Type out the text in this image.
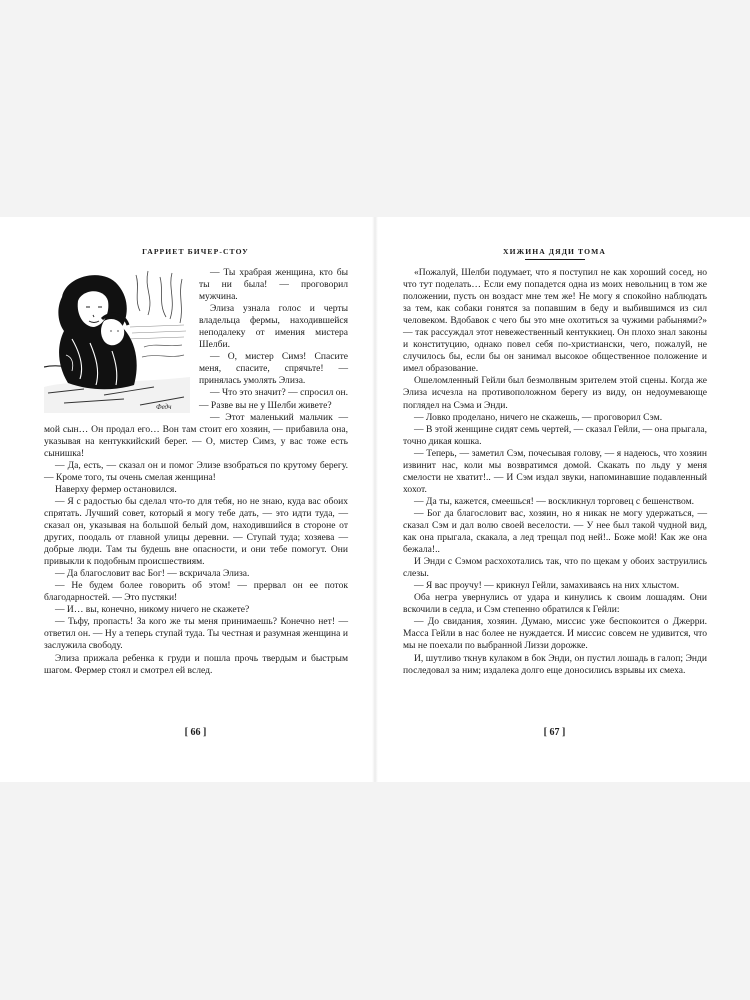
ГАРРИЕТ БИЧЕР-СТОУ
Федч

— Ты храбрая женщина, кто бы ты ни была! — проговорил мужчина.

Элиза узнала голос и черты владельца фермы, находившейся неподалеку от имения мистера Шелби.

— О, мистер Симз! Спасите меня, спасите, спрячьте! — принялась умолять Элиза.

— Что это значит? — спросил он. — Разве вы не у Шелби живете?

— Этот маленький мальчик — мой сын… Он продал его… Вон там стоит его хозяин, — прибавила она, указывая на кентуккийский берег. — О, мистер Симз, у вас тоже есть сынишка!

— Да, есть, — сказал он и помог Элизе взобраться по крутому берегу. — Кроме того, ты очень смелая женщина!

Наверху фермер остановился.

— Я с радостью бы сделал что-то для тебя, но не знаю, куда вас обоих спрятать. Лучший совет, который я могу тебе дать, — это идти туда, — сказал он, указывая на большой белый дом, находившийся в стороне от других, поодаль от главной улицы деревни. — Ступай туда; хозяева — добрые люди. Там ты будешь вне опасности, и они тебе помогут. Они привыкли к подобным происшествиям.

— Да благословит вас Бог! — вскричала Элиза.

— Не будем более говорить об этом! — прервал он ее поток благодарностей. — Это пустяки!

— И… вы, конечно, никому ничего не скажете?

— Тьфу, пропасть! За кого же ты меня принимаешь? Конечно нет! — ответил он. — Ну а теперь ступай туда. Ты честная и разумная женщина и заслужила свободу.

Элиза прижала ребенка к груди и пошла прочь твердым и быстрым шагом. Фермер стоял и смотрел ей вслед.

[ 66 ]
ХИЖИНА ДЯДИ ТОМА

«Пожалуй, Шелби подумает, что я поступил не как хороший сосед, но что тут поделать… Если ему попадется одна из моих невольниц в том же положении, пусть он воздаст мне тем же! Не могу я спокойно наблюдать за тем, как собаки гонятся за попавшим в беду и выбившимся из сил человеком. Вдобавок с чего бы это мне охотиться за чужими рабынями?» — так рассуждал этот невежественный кентуккиец. Он плохо знал законы и конституцию, однако повел себя по-христиански, чего, пожалуй, не случилось бы, если бы он занимал высокое общественное положение и имел образование.

Ошеломленный Гейли был безмолвным зрителем этой сцены. Когда же Элиза исчезла на противоположном берегу из виду, он недоумевающе поглядел на Сэма и Энди.

— Ловко проделано, ничего не скажешь, — проговорил Сэм.

— В этой женщине сидят семь чертей, — сказал Гейли, — она прыгала, точно дикая кошка.

— Теперь, — заметил Сэм, почесывая голову, — я надеюсь, что хозяин извинит нас, коли мы возвратимся домой. Скакать по льду у меня смелости не хватит!.. — И Сэм издал звуки, напоминавшие подавленный хохот.

— Да ты, кажется, смеешься! — воскликнул торговец с бешенством.

— Бог да благословит вас, хозяин, но я никак не могу удержаться, — сказал Сэм и дал волю своей веселости. — У нее был такой чудной вид, как она прыгала, скакала, а лед трещал под ней!.. Боже мой! Как же она бежала!..

И Энди с Сэмом расхохотались так, что по щекам у обоих заструились слезы.

— Я вас проучу! — крикнул Гейли, замахиваясь на них хлыстом.

Оба негра увернулись от удара и кинулись к своим лошадям. Они вскочили в седла, и Сэм степенно обратился к Гейли:

— До свидания, хозяин. Думаю, миссис уже беспокоится о Джерри. Масса Гейли в нас более не нуждается. И миссис совсем не удивится, что мы не поехали по выбранной Лиззи дорожке.

И, шутливо ткнув кулаком в бок Энди, он пустил лошадь в галоп; Энди последовал за ним; издалека долго еще доносились взрывы их смеха.

[ 67 ]
